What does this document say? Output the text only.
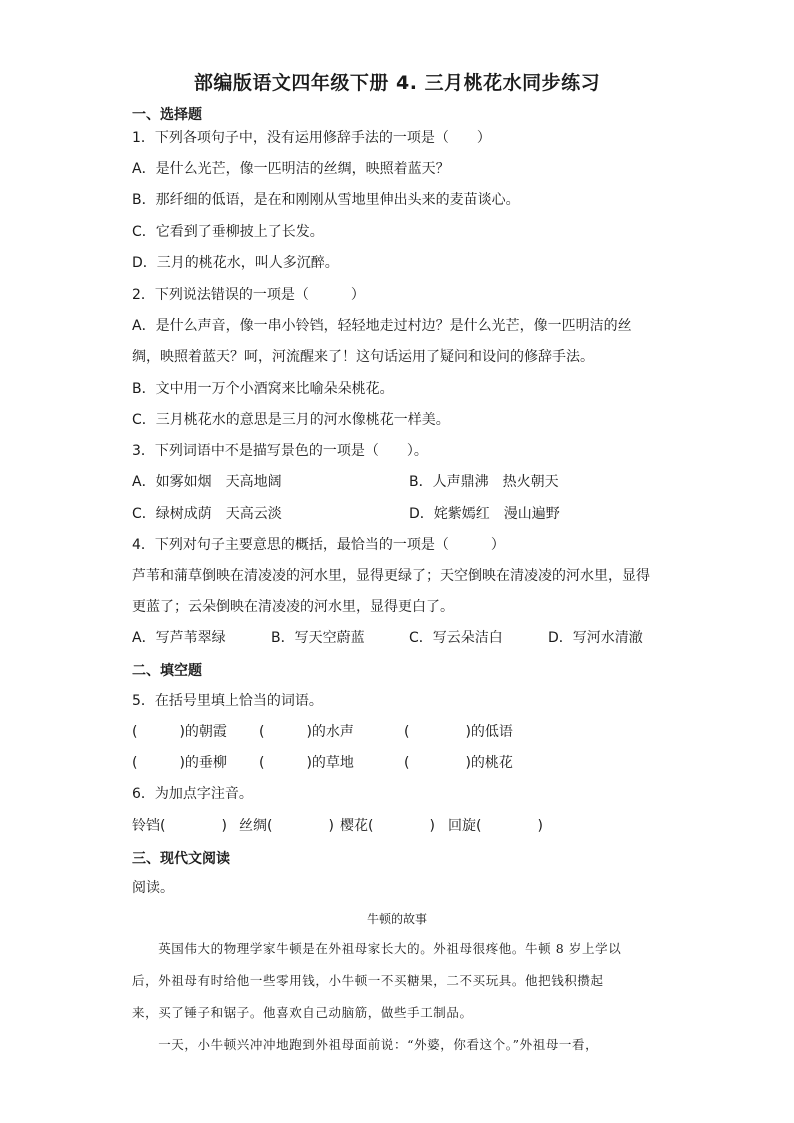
部编版语文四年级下册 4. 三月桃花水同步练习
一、选择题
1．下列各项句子中，没有运用修辞手法的一项是（　　）
A．是什么光芒，像一匹明洁的丝绸，映照着蓝天？
B．那纤细的低语，是在和刚刚从雪地里伸出头来的麦苗谈心。
C．它看到了垂柳披上了长发。
D．三月的桃花水，叫人多沉醉。
2．下列说法错误的一项是（　　　）
A．是什么声音，像一串小铃铛，轻轻地走过村边？是什么光芒，像一匹明洁的丝
绸，映照着蓝天？呵，河流醒来了！这句话运用了疑问和设问的修辞手法。
B．文中用一万个小酒窝来比喻朵朵桃花。
C．三月桃花水的意思是三月的河水像桃花一样美。
3．下列词语中不是描写景色的一项是（　　）。
A．如雾如烟　天高地阔	B．人声鼎沸　热火朝天
C．绿树成荫　天高云淡	D．姹紫嫣红　漫山遍野
4．下列对句子主要意思的概括，最恰当的一项是（　　　）
芦苇和蒲草倒映在清凌凌的河水里，显得更绿了；天空倒映在清凌凌的河水里，显得
更蓝了；云朵倒映在清凌凌的河水里，显得更白了。
A．写芦苇翠绿	B．写天空蔚蓝	C．写云朵洁白	D．写河水清澈
二、填空题
5．在括号里填上恰当的词语。
(　　　)的朝霞 (　　　)的水声	(　　　　)的低语
(　　　)的垂柳 (　　　)的草地	(　　　　)的桃花
6．为加点字注音。
铃铛(　　　　) 丝绸(　　　　) 樱花(　　　　) 回旋(　　　　)
三、现代文阅读
阅读。
牛顿的故事
　　英国伟大的物理学家牛顿是在外祖母家长大的。外祖母很疼他。牛顿 8 岁上学以
后，外祖母有时给他一些零用钱，小牛顿一不买糖果，二不买玩具。他把钱积攒起
来，买了锤子和锯子。他喜欢自己动脑筋，做些手工制品。
　　一天，小牛顿兴冲冲地跑到外祖母面前说：“外婆，你看这个。”外祖母一看，
